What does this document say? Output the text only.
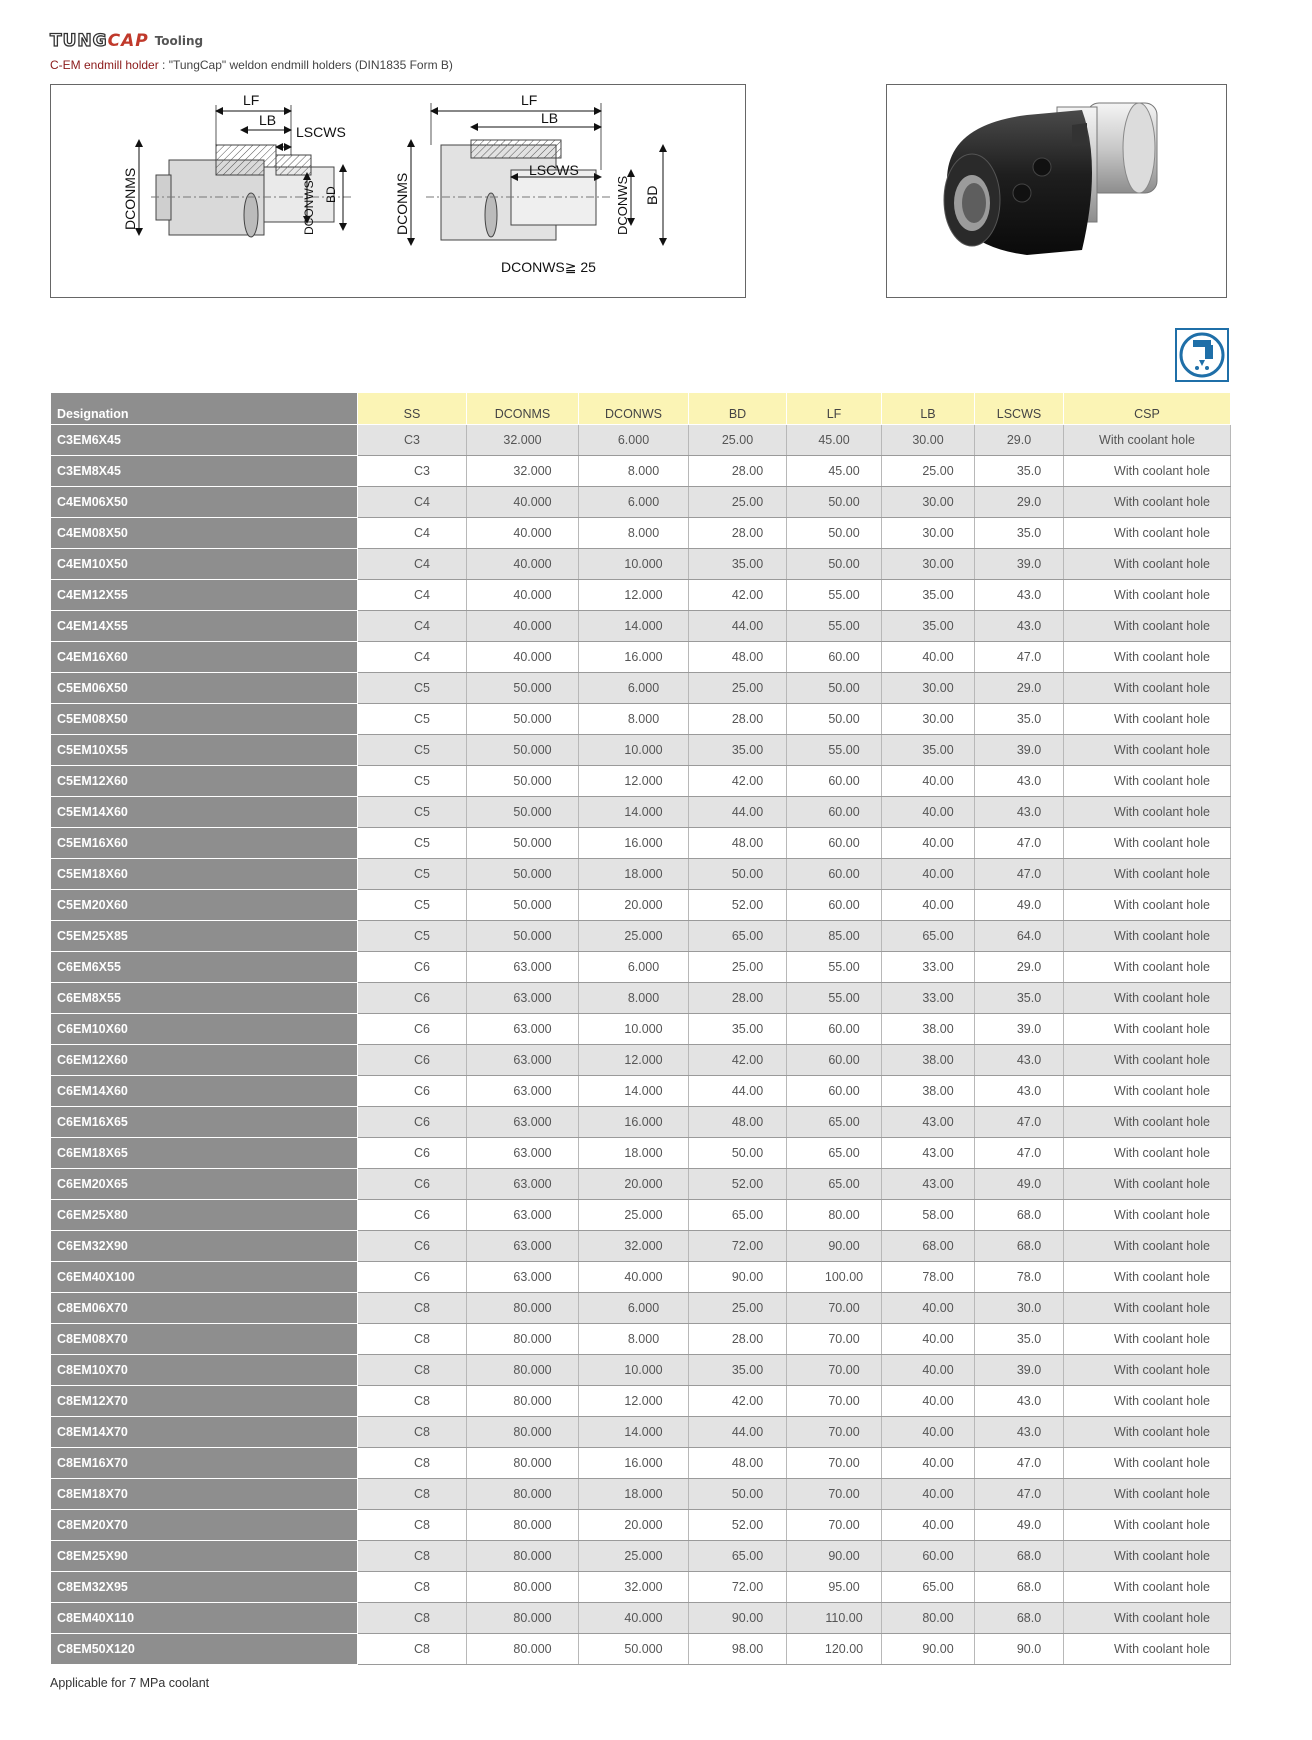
TUNGCAP Tooling
C-EM endmill holder : "TungCap" weldon endmill holders (DIN1835 Form B)
LF
LB
LSCWS
DCONMS	DCONWS BD
LF
LB
LSCWS
DCONMS	DCONWS BD
DCONWS≧ 25
Designation	SS	DCONMS	DCONWS	BD	LF	LB	LSCWS	CSP
C3EM6X45	C3	32.000	6.000	25.00	45.00	30.00	29.0	With coolant hole
C3EM8X45	C3	32.000	8.000	28.00	45.00	25.00	35.0	With coolant hole
C4EM06X50	C4	40.000	6.000	25.00	50.00	30.00	29.0	With coolant hole
C4EM08X50	C4	40.000	8.000	28.00	50.00	30.00	35.0	With coolant hole
C4EM10X50	C4	40.000	10.000	35.00	50.00	30.00	39.0	With coolant hole
C4EM12X55	C4	40.000	12.000	42.00	55.00	35.00	43.0	With coolant hole
C4EM14X55	C4	40.000	14.000	44.00	55.00	35.00	43.0	With coolant hole
C4EM16X60	C4	40.000	16.000	48.00	60.00	40.00	47.0	With coolant hole
C5EM06X50	C5	50.000	6.000	25.00	50.00	30.00	29.0	With coolant hole
C5EM08X50	C5	50.000	8.000	28.00	50.00	30.00	35.0	With coolant hole
C5EM10X55	C5	50.000	10.000	35.00	55.00	35.00	39.0	With coolant hole
C5EM12X60	C5	50.000	12.000	42.00	60.00	40.00	43.0	With coolant hole
C5EM14X60	C5	50.000	14.000	44.00	60.00	40.00	43.0	With coolant hole
C5EM16X60	C5	50.000	16.000	48.00	60.00	40.00	47.0	With coolant hole
C5EM18X60	C5	50.000	18.000	50.00	60.00	40.00	47.0	With coolant hole
C5EM20X60	C5	50.000	20.000	52.00	60.00	40.00	49.0	With coolant hole
C5EM25X85	C5	50.000	25.000	65.00	85.00	65.00	64.0	With coolant hole
C6EM6X55	C6	63.000	6.000	25.00	55.00	33.00	29.0	With coolant hole
C6EM8X55	C6	63.000	8.000	28.00	55.00	33.00	35.0	With coolant hole
C6EM10X60	C6	63.000	10.000	35.00	60.00	38.00	39.0	With coolant hole
C6EM12X60	C6	63.000	12.000	42.00	60.00	38.00	43.0	With coolant hole
C6EM14X60	C6	63.000	14.000	44.00	60.00	38.00	43.0	With coolant hole
C6EM16X65	C6	63.000	16.000	48.00	65.00	43.00	47.0	With coolant hole
C6EM18X65	C6	63.000	18.000	50.00	65.00	43.00	47.0	With coolant hole
C6EM20X65	C6	63.000	20.000	52.00	65.00	43.00	49.0	With coolant hole
C6EM25X80	C6	63.000	25.000	65.00	80.00	58.00	68.0	With coolant hole
C6EM32X90	C6	63.000	32.000	72.00	90.00	68.00	68.0	With coolant hole
C6EM40X100	C6	63.000	40.000	90.00	100.00	78.00	78.0	With coolant hole
C8EM06X70	C8	80.000	6.000	25.00	70.00	40.00	30.0	With coolant hole
C8EM08X70	C8	80.000	8.000	28.00	70.00	40.00	35.0	With coolant hole
C8EM10X70	C8	80.000	10.000	35.00	70.00	40.00	39.0	With coolant hole
C8EM12X70	C8	80.000	12.000	42.00	70.00	40.00	43.0	With coolant hole
C8EM14X70	C8	80.000	14.000	44.00	70.00	40.00	43.0	With coolant hole
C8EM16X70	C8	80.000	16.000	48.00	70.00	40.00	47.0	With coolant hole
C8EM18X70	C8	80.000	18.000	50.00	70.00	40.00	47.0	With coolant hole
C8EM20X70	C8	80.000	20.000	52.00	70.00	40.00	49.0	With coolant hole
C8EM25X90	C8	80.000	25.000	65.00	90.00	60.00	68.0	With coolant hole
C8EM32X95	C8	80.000	32.000	72.00	95.00	65.00	68.0	With coolant hole
C8EM40X110	C8	80.000	40.000	90.00	110.00	80.00	68.0	With coolant hole
C8EM50X120	C8	80.000	50.000	98.00	120.00	90.00	90.0	With coolant hole
Applicable for 7 MPa coolant
